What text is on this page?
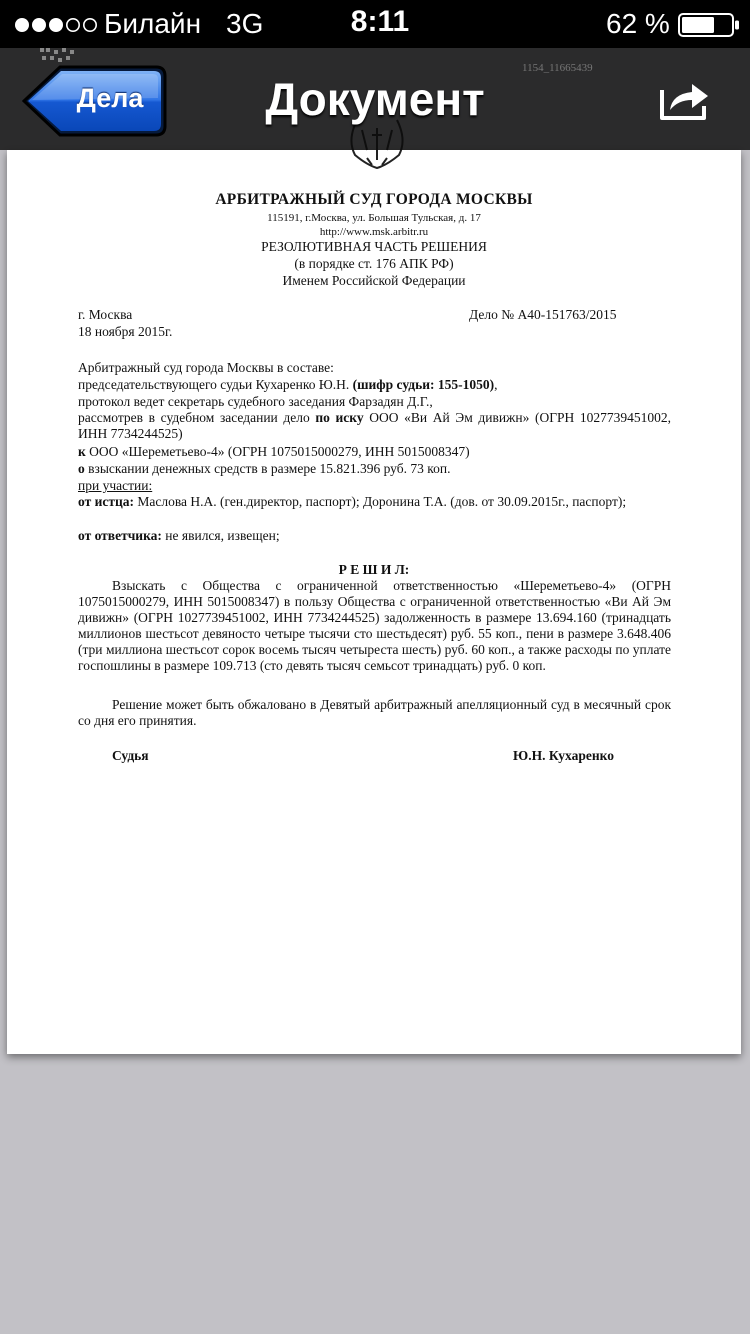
АРБИТРАЖНЫЙ СУД ГОРОДА МОСКВЫ
115191, г.Москва, ул. Большая Тульская, д. 17
http://www.msk.arbitr.ru
РЕЗОЛЮТИВНАЯ ЧАСТЬ РЕШЕНИЯ
(в порядке ст. 176 АПК РФ)
Именем Российской Федерации
г. Москва	Дело № А40-151763/2015
18 ноября 2015г.
Арбитражный суд города Москвы в составе:
председательствующего судьи Кухаренко Ю.Н. (шифр судьи: 155-1050),
протокол ведет секретарь судебного заседания Фарзадян Д.Г.,
рассмотрев в судебном заседании дело по иску ООО «Ви Ай Эм дивижн» (ОГРН 1027739451002, ИНН 7734244525)
к ООО «Шереметьево-4» (ОГРН 1075015000279, ИНН 5015008347)
о взыскании денежных средств в размере 15.821.396 руб. 73 коп.
при участии:
от истца: Маслова Н.А. (ген.директор, паспорт); Доронина Т.А. (дов. от 30.09.2015г., паспорт);
от ответчика: не явился, извещен;
Р Е Ш И Л:
Взыскать с Общества с ограниченной ответственностью «Шереметьево-4» (ОГРН 1075015000279, ИНН 5015008347) в пользу Общества с ограниченной ответственностью «Ви Ай Эм дивижн» (ОГРН 1027739451002, ИНН 7734244525) задолженность в размере 13.694.160 (тринадцать миллионов шестьсот девяносто четыре тысячи сто шестьдесят) руб. 55 коп., пени в размере 3.648.406 (три миллиона шестьсот сорок восемь тысяч четыреста шесть) руб. 60 коп., а также расходы по уплате госпошлины в размере 109.713 (сто девять тысяч семьсот тринадцать) руб. 0 коп.
Решение может быть обжаловано в Девятый арбитражный апелляционный суд в месячный срок со дня его принятия.
Судья	Ю.Н. Кухаренко
Билайн 3G	8:11	62 %
1154_11665439
Дела	Документ
